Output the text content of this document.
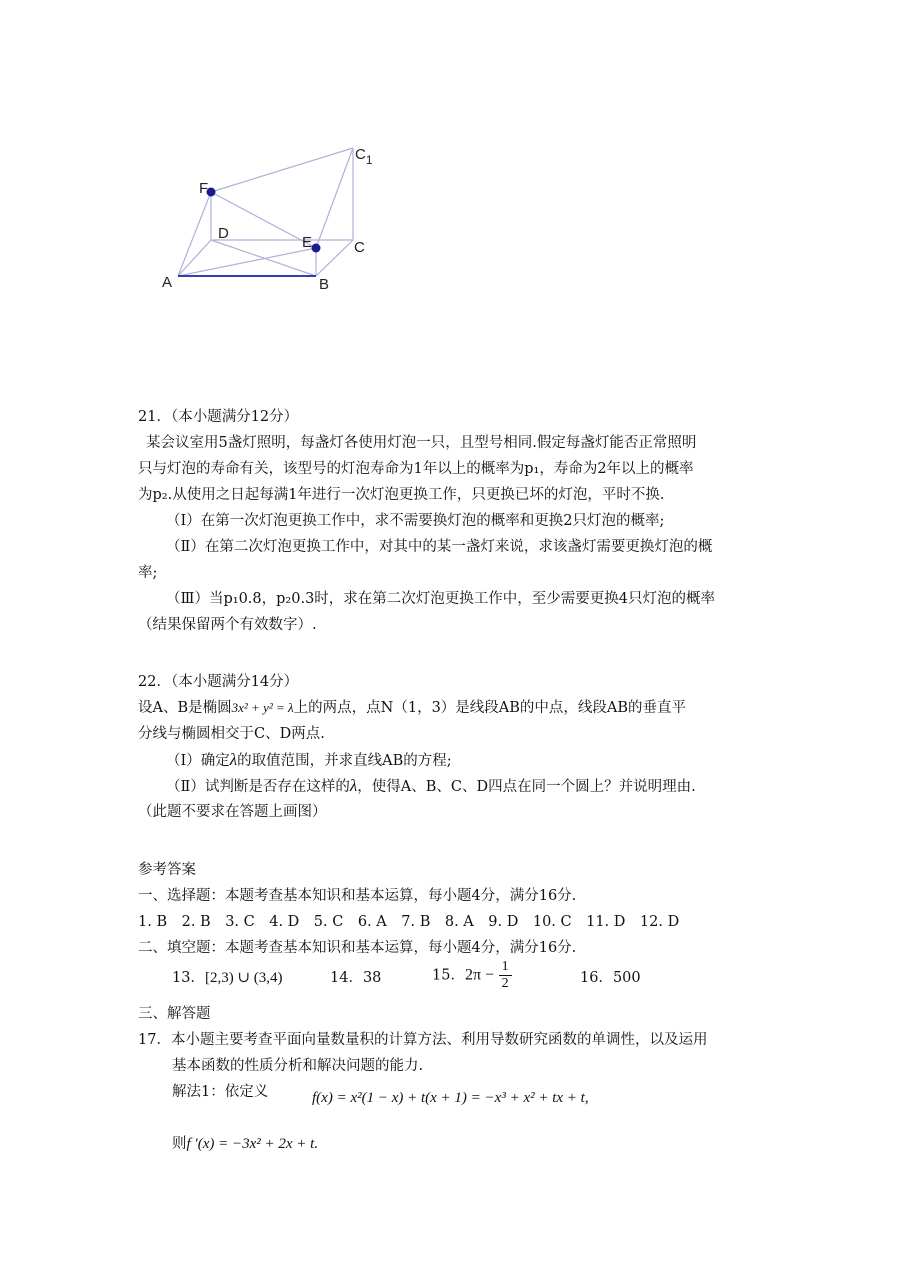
F
D
E	C
A	B
$C_1$
21．（本小题满分12分）
某会议室用5盏灯照明，每盏灯各使用灯泡一只，且型号相同.假定每盏灯能否正常照明
只与灯泡的寿命有关，该型号的灯泡寿命为1年以上的概率为p₁，寿命为2年以上的概率
为p₂.从使用之日起每满1年进行一次灯泡更换工作，只更换已坏的灯泡，平时不换.
（Ⅰ）在第一次灯泡更换工作中，求不需要换灯泡的概率和更换2只灯泡的概率;
（Ⅱ）在第二次灯泡更换工作中，对其中的某一盏灯来说，求该盏灯需要更换灯泡的概
率;
（Ⅲ）当p₁0.8，p₂0.3时，求在第二次灯泡更换工作中，至少需要更换4只灯泡的概率
（结果保留两个有效数字）.
22．（本小题满分14分）
设A、B是椭圆3x² + y² = λ上的两点，点N（1，3）是线段AB的中点，线段AB的垂直平
分线与椭圆相交于C、D两点.
（Ⅰ）确定λ的取值范围，并求直线AB的方程;
（Ⅱ）试判断是否存在这样的λ，使得A、B、C、D四点在同一个圆上？并说明理由.
（此题不要求在答题上画图）
参考答案
一、选择题：本题考查基本知识和基本运算，每小题4分，满分16分.
1. B　2. B　3. C　4. D　5. C　6. A　7. B　8. A　9. D　10. C　11. D　12. D
二、填空题：本题考查基本知识和基本运算，每小题4分，满分16分.
13．[2,3) ∪ (3,4)	14．38	15．$2\pi - \frac{1}{2}$	16．500
三、解答题
17．本小题主要考查平面向量数量积的计算方法、利用导数研究函数的单调性，以及运用
基本函数的性质分析和解决问题的能力.
解法1：依定义	f(x) = x²(1 − x) + t(x + 1) = −x³ + x² + tx + t,
则f ′(x) = −3x² + 2x + t.
